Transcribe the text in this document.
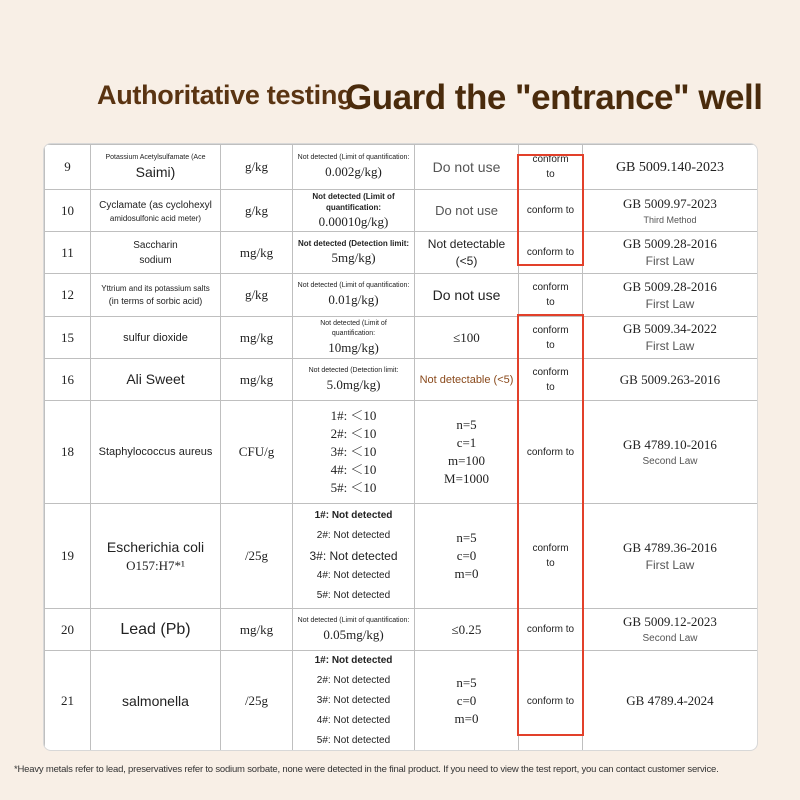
Authoritative testing
Guard the "entrance" well
9	Potassium Acetylsulfamate (Ace
Saimi)	g/kg	Not detected (Limit of quantification:
0.002g/kg)	Do not use	conform
to	GB 5009.140-2023

10	Cyclamate (as cyclohexyl
amidosulfonic acid meter)	g/kg	Not detected (Limit of
quantification:
0.00010g/kg)	Do not use	conform to	GB 5009.97-2023
Third Method

11	Saccharin
sodium	mg/kg	Not detected (Detection limit:
5mg/kg)	Not detectable (<5)	conform to	GB 5009.28-2016
First Law

12	Yttrium and its potassium salts
(in terms of sorbic acid)	g/kg	Not detected (Limit of quantification:
0.01g/kg)	Do not use	conform
to	GB 5009.28-2016
First Law

15	sulfur dioxide	mg/kg	Not detected (Limit of
quantification:
10mg/kg)	≤100	conform
to	GB 5009.34-2022
First Law

16	Ali Sweet	mg/kg	Not detected (Detection limit:
5.0mg/kg)	Not detectable (<5)	conform
to	GB 5009.263-2016

18	Staphylococcus aureus	CFU/g	1#: ＜10
2#: ＜10
3#: ＜10
4#: ＜10
5#: ＜10	n=5
c=1
m=100
M=1000	conform to	GB 4789.10-2016
Second Law

19	Escherichia coli
O157:H7*¹	/25g	1#: Not detected
2#: Not detected
3#: Not detected
4#: Not detected
5#: Not detected	n=5
c=0
m=0	conform
to	GB 4789.36-2016
First Law

20	Lead (Pb)	mg/kg	Not detected (Limit of quantification:
0.05mg/kg)	≤0.25	conform to	GB 5009.12-2023
Second Law

21	salmonella	/25g	1#: Not detected
2#: Not detected
3#: Not detected
4#: Not detected
5#: Not detected	n=5
c=0
m=0	conform to	GB 4789.4-2024
*Heavy metals refer to lead, preservatives refer to sodium sorbate, none were detected in the final product. If you need to view the test report, you can contact customer service.
